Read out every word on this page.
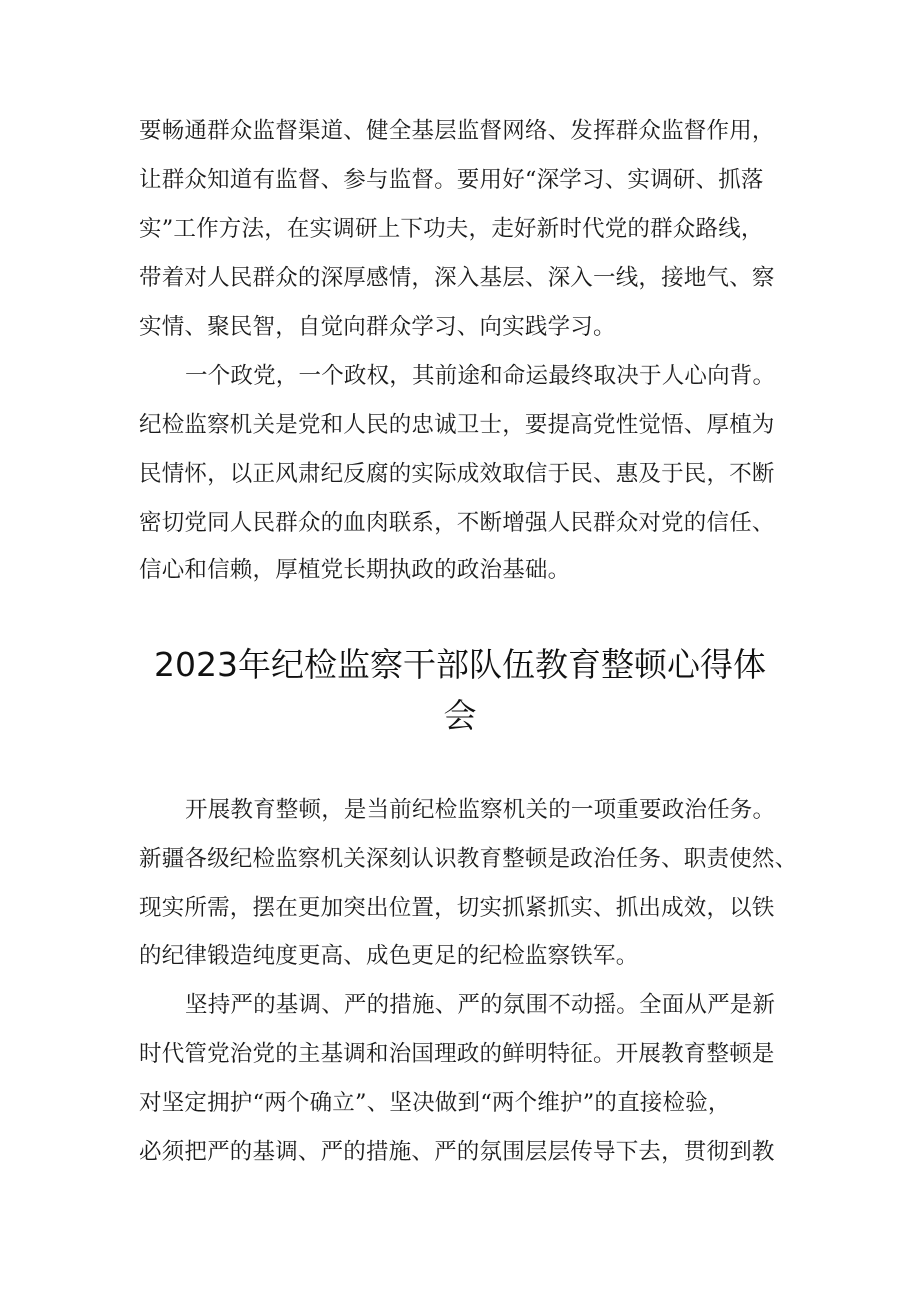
要畅通群众监督渠道、健全基层监督网络、发挥群众监督作用，
让群众知道有监督、参与监督。要用好“深学习、实调研、抓落
实”工作方法，在实调研上下功夫，走好新时代党的群众路线，
带着对人民群众的深厚感情，深入基层、深入一线，接地气、察
实情、聚民智，自觉向群众学习、向实践学习。
一个政党，一个政权，其前途和命运最终取决于人心向背。
纪检监察机关是党和人民的忠诚卫士，要提高党性觉悟、厚植为
民情怀，以正风肃纪反腐的实际成效取信于民、惠及于民，不断
密切党同人民群众的血肉联系，不断增强人民群众对党的信任、
信心和信赖，厚植党长期执政的政治基础。
2023年纪检监察干部队伍教育整顿心得体
会
开展教育整顿，是当前纪检监察机关的一项重要政治任务。
新疆各级纪检监察机关深刻认识教育整顿是政治任务、职责使然、
现实所需，摆在更加突出位置，切实抓紧抓实、抓出成效，以铁
的纪律锻造纯度更高、成色更足的纪检监察铁军。
坚持严的基调、严的措施、严的氛围不动摇。全面从严是新
时代管党治党的主基调和治国理政的鲜明特征。开展教育整顿是
对坚定拥护“两个确立”、坚决做到“两个维护”的直接检验，
必须把严的基调、严的措施、严的氛围层层传导下去，贯彻到教
